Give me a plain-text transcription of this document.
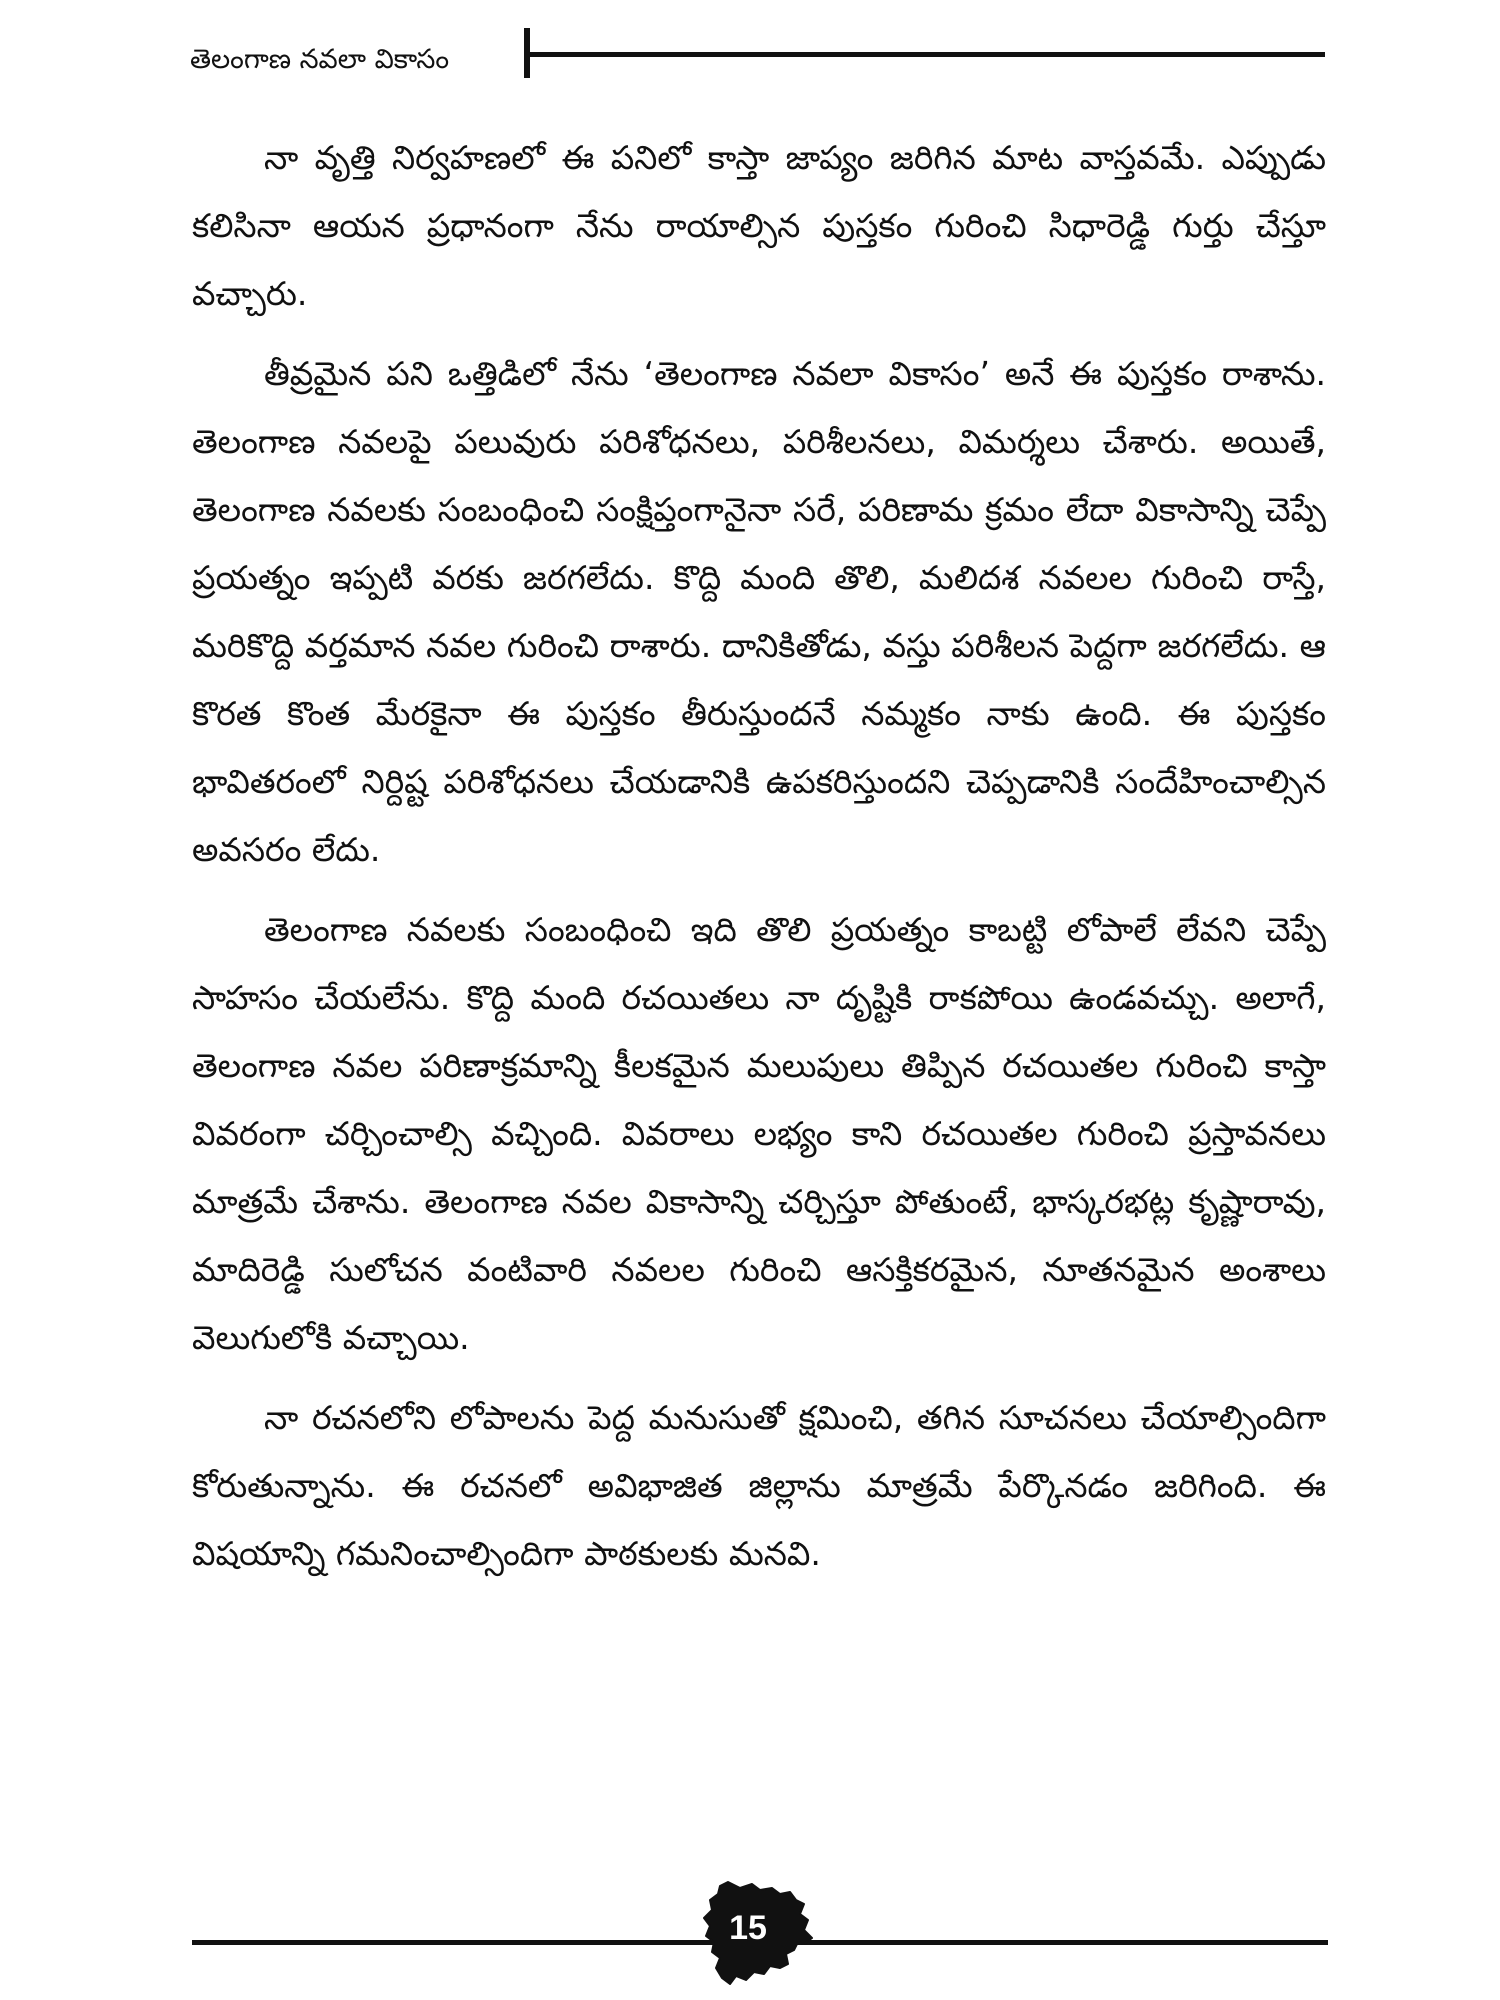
తెలంగాణ నవలా వికాసం

నా వృత్తి నిర్వహణలో ఈ పనిలో కాస్తా జాప్యం జరిగిన మాట వాస్తవమే. ఎప్పుడు కలిసినా ఆయన ప్రధానంగా నేను రాయాల్సిన పుస్తకం గురించి సిధారెడ్డి గుర్తు చేస్తూ వచ్చారు.

తీవ్రమైన పని ఒత్తిడిలో నేను ‘తెలంగాణ నవలా వికాసం’ అనే ఈ పుస్తకం రాశాను. తెలంగాణ నవలపై పలువురు పరిశోధనలు, పరిశీలనలు, విమర్శలు చేశారు. అయితే, తెలంగాణ నవలకు సంబంధించి సంక్షిప్తంగానైనా సరే, పరిణామ క్రమం లేదా వికాసాన్ని చెప్పే ప్రయత్నం ఇప్పటి వరకు జరగలేదు. కొద్ది మంది తొలి, మలిదశ నవలల గురించి రాస్తే, మరికొద్ది వర్తమాన నవల గురించి రాశారు. దానికితోడు, వస్తు పరిశీలన పెద్దగా జరగలేదు. ఆ కొరత కొంత మేరకైనా ఈ పుస్తకం తీరుస్తుందనే నమ్మకం నాకు ఉంది. ఈ పుస్తకం భావితరంలో నిర్దిష్ట పరిశోధనలు చేయడానికి ఉపకరిస్తుందని చెప్పడానికి సందేహించాల్సిన అవసరం లేదు.

తెలంగాణ నవలకు సంబంధించి ఇది తొలి ప్రయత్నం కాబట్టి లోపాలే లేవని చెప్పే సాహసం చేయలేను. కొద్ది మంది రచయితలు నా దృష్టికి రాకపోయి ఉండవచ్చు. అలాగే, తెలంగాణ నవల పరిణాక్రమాన్ని కీలకమైన మలుపులు తిప్పిన రచయితల గురించి కాస్తా వివరంగా చర్చించాల్సి వచ్చింది. వివరాలు లభ్యం కాని రచయితల గురించి ప్రస్తావనలు మాత్రమే చేశాను. తెలంగాణ నవల వికాసాన్ని చర్చిస్తూ పోతుంటే, భాస్కరభట్ల కృష్ణారావు, మాదిరెడ్డి సులోచన వంటివారి నవలల గురించి ఆసక్తికరమైన, నూతనమైన అంశాలు వెలుగులోకి వచ్చాయి.

నా రచనలోని లోపాలను పెద్ద మనుసుతో క్షమించి, తగిన సూచనలు చేయాల్సిందిగా కోరుతున్నాను. ఈ రచనలో అవిభాజిత జిల్లాను మాత్రమే పేర్కొనడం జరిగింది. ఈ విషయాన్ని గమనించాల్సిందిగా పాఠకులకు మనవి.

15
